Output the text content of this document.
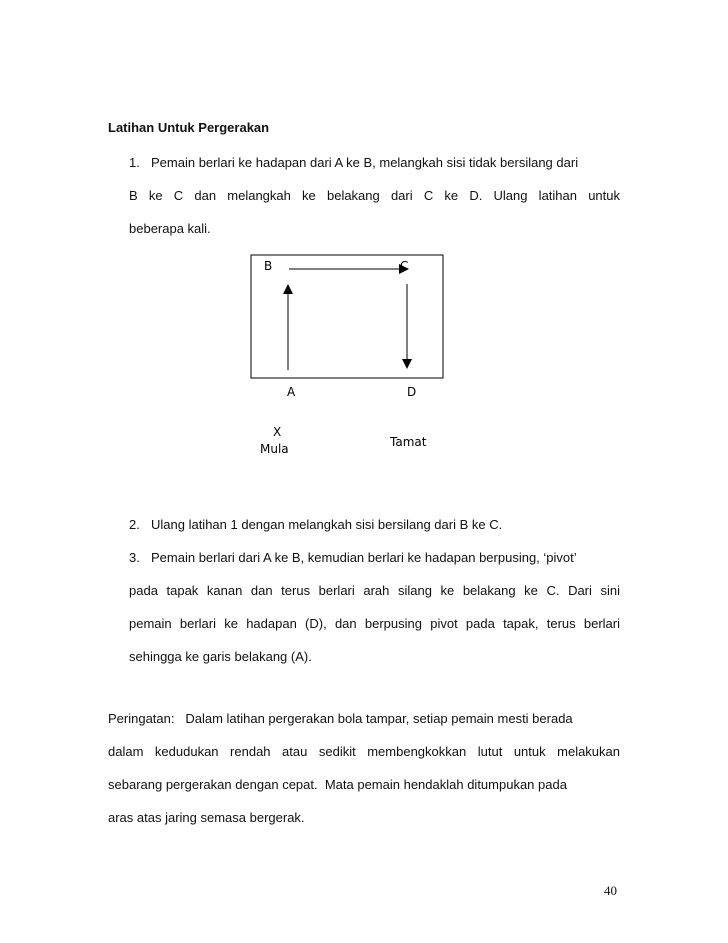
Latihan Untuk Pergerakan
1. Pemain berlari ke hadapan dari A ke B, melangkah sisi tidak bersilang dari
B ke C dan melangkah ke belakang dari C ke D. Ulang latihan untuk
beberapa kali.
B	C
A	D
X
Mula	Tamat
2. Ulang latihan 1 dengan melangkah sisi bersilang dari B ke C.
3. Pemain berlari dari A ke B, kemudian berlari ke hadapan berpusing, ‘pivot’
pada tapak kanan dan terus berlari arah silang ke belakang ke C. Dari sini
pemain berlari ke hadapan (D), dan berpusing pivot pada tapak, terus berlari
sehingga ke garis belakang (A).
Peringatan:   Dalam latihan pergerakan bola tampar, setiap pemain mesti berada
dalam kedudukan rendah atau sedikit membengkokkan lutut untuk melakukan
sebarang pergerakan dengan cepat.  Mata pemain hendaklah ditumpukan pada
aras atas jaring semasa bergerak.
40
